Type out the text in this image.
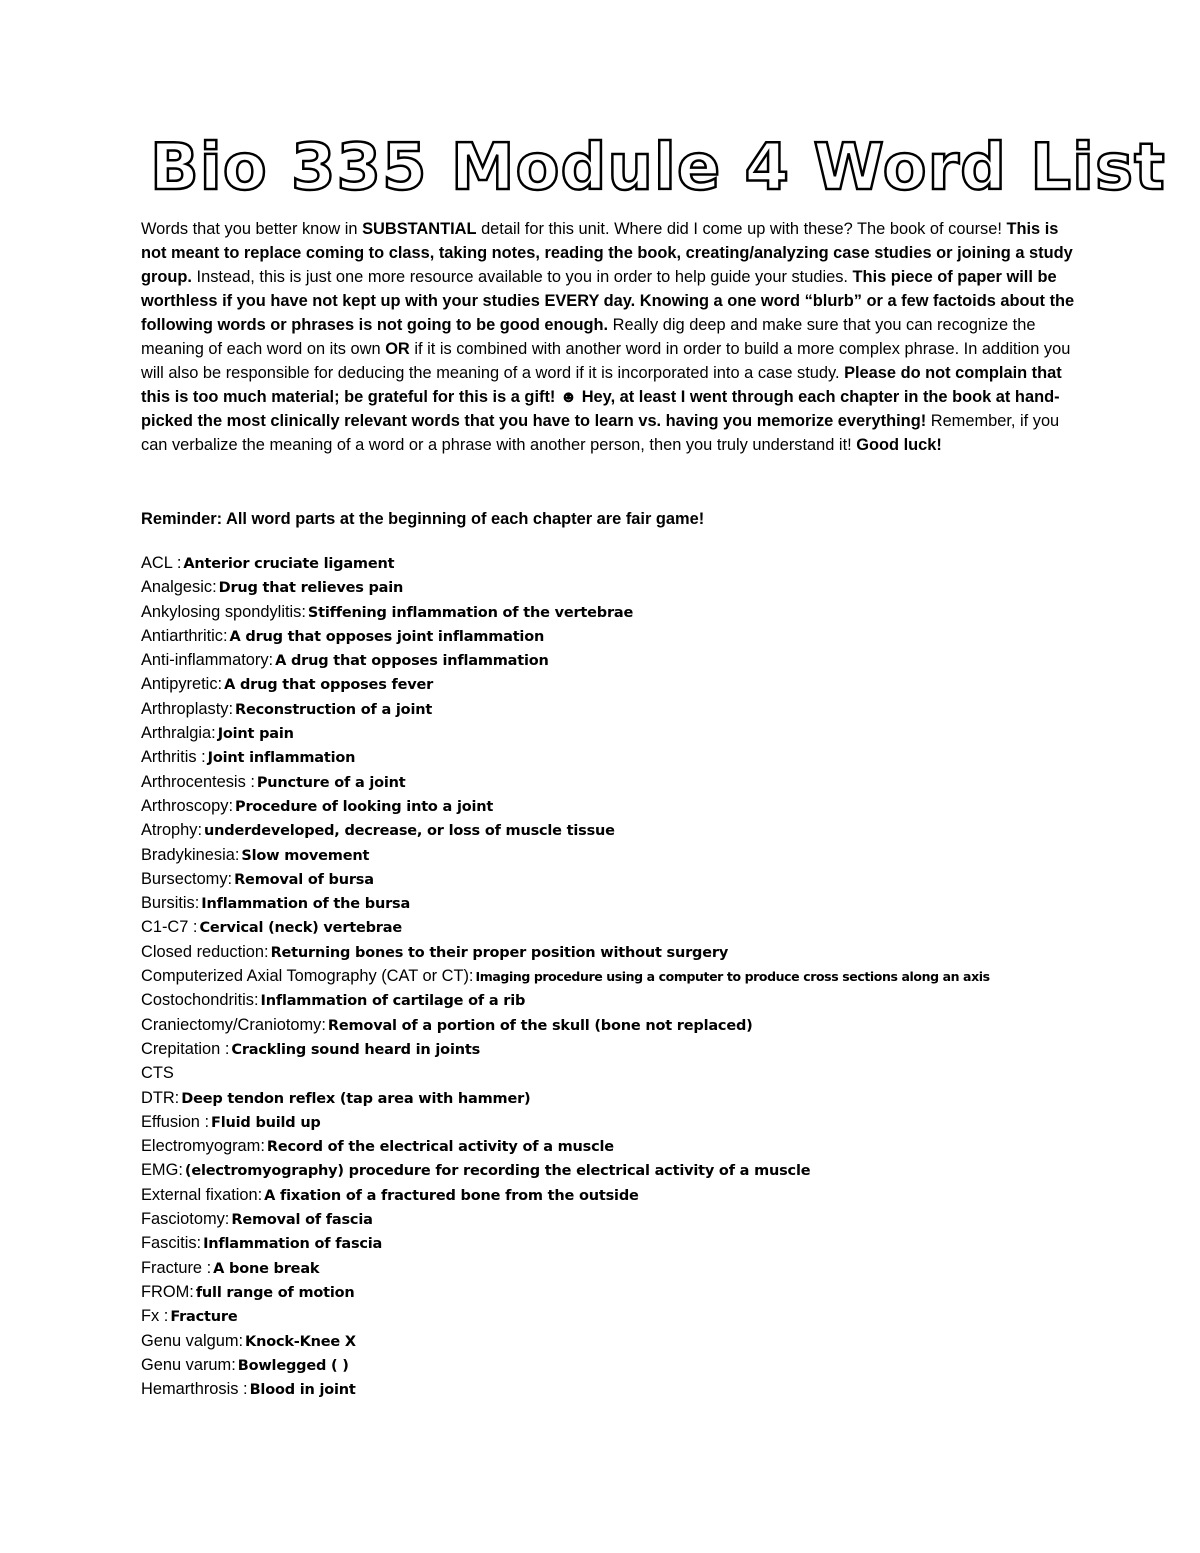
Bio 335 Module 4 Word List
Words that you better know in SUBSTANTIAL detail for this unit. Where did I come up with these? The book of course! This is not meant to replace coming to class, taking notes, reading the book, creating/analyzing case studies or joining a study group. Instead, this is just one more resource available to you in order to help guide your studies. This piece of paper will be worthless if you have not kept up with your studies EVERY day. Knowing a one word “blurb” or a few factoids about the following words or phrases is not going to be good enough. Really dig deep and make sure that you can recognize the meaning of each word on its own OR if it is combined with another word in order to build a more complex phrase. In addition you will also be responsible for deducing the meaning of a word if it is incorporated into a case study. Please do not complain that this is too much material; be grateful for this is a gift! ☻ Hey, at least I went through each chapter in the book at hand-picked the most clinically relevant words that you have to learn vs. having you memorize everything! Remember, if you can verbalize the meaning of a word or a phrase with another person, then you truly understand it! Good luck!
Reminder: All word parts at the beginning of each chapter are fair game!
ACL : Anterior cruciate ligament
Analgesic: Drug that relieves pain
Ankylosing spondylitis: Stiffening inflammation of the vertebrae
Antiarthritic: A drug that opposes joint inflammation
Anti-inflammatory: A drug that opposes inflammation
Antipyretic: A drug that opposes fever
Arthroplasty: Reconstruction of a joint
Arthralgia: Joint pain
Arthritis : Joint inflammation
Arthrocentesis : Puncture of a joint
Arthroscopy: Procedure of looking into a joint
Atrophy: underdeveloped, decrease, or loss of muscle tissue
Bradykinesia: Slow movement
Bursectomy: Removal of bursa
Bursitis: Inflammation of the bursa
C1-C7 : Cervical (neck) vertebrae
Closed reduction: Returning bones to their proper position without surgery
Computerized Axial Tomography (CAT or CT): Imaging procedure using a computer to produce cross sections along an axis
Costochondritis: Inflammation of cartilage of a rib
Craniectomy/Craniotomy: Removal of a portion of the skull (bone not replaced)
Crepitation : Crackling sound heard in joints
CTS
DTR: Deep tendon reflex (tap area with hammer)
Effusion : Fluid build up
Electromyogram: Record of the electrical activity of a muscle
EMG: (electromyography) procedure for recording the electrical activity of a muscle
External fixation: A fixation of a fractured bone from the outside
Fasciotomy: Removal of fascia
Fascitis: Inflammation of fascia
Fracture : A bone break
FROM: full range of motion
Fx : Fracture
Genu valgum: Knock-Knee X
Genu varum: Bowlegged ( )
Hemarthrosis : Blood in joint
